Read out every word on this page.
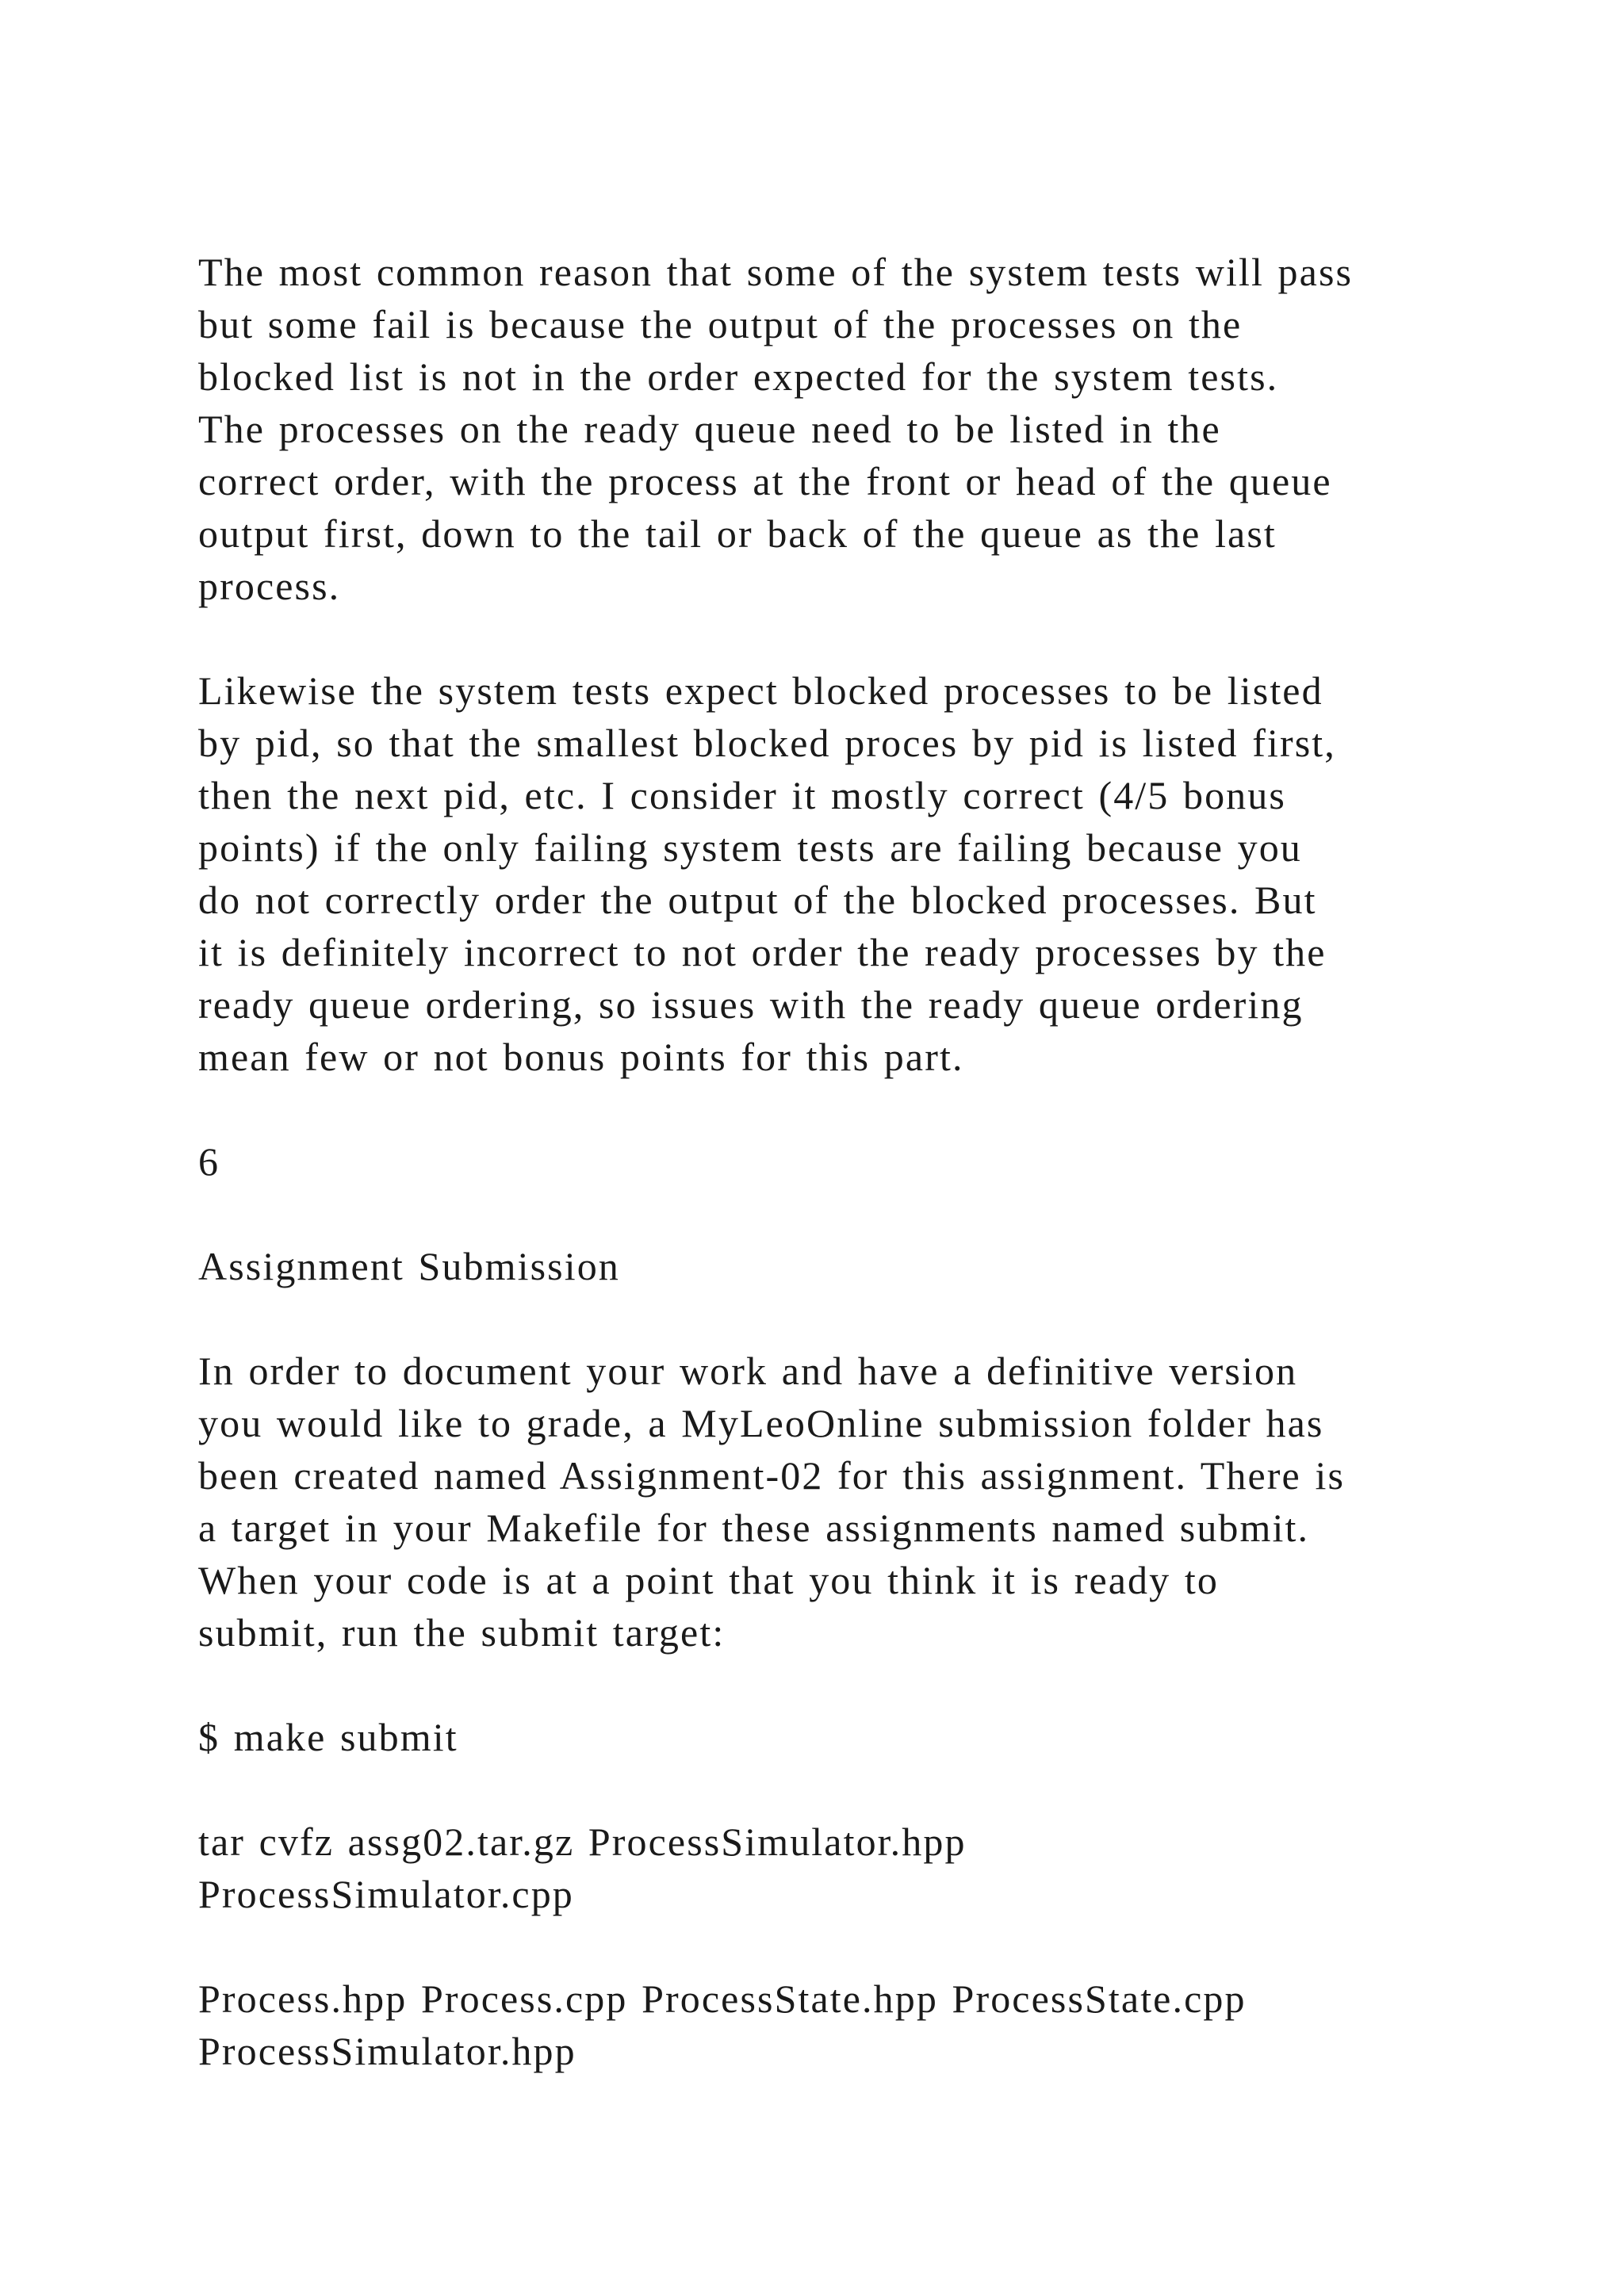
The most common reason that some of the system tests will pass
but some fail is because the output of the processes on the
blocked list is not in the order expected for the system tests.
The processes on the ready queue need to be listed in the
correct order, with the process at the front or head of the queue
output first, down to the tail or back of the queue as the last
process.
Likewise the system tests expect blocked processes to be listed
by pid, so that the smallest blocked proces by pid is listed first,
then the next pid, etc. I consider it mostly correct (4/5 bonus
points) if the only failing system tests are failing because you
do not correctly order the output of the blocked processes. But
it is definitely incorrect to not order the ready processes by the
ready queue ordering, so issues with the ready queue ordering
mean few or not bonus points for this part.
6
Assignment Submission
In order to document your work and have a definitive version
you would like to grade, a MyLeoOnline submission folder has
been created named Assignment-02 for this assignment. There is
a target in your Makefile for these assignments named submit.
When your code is at a point that you think it is ready to
submit, run the submit target:
$ make submit
tar cvfz assg02.tar.gz ProcessSimulator.hpp
ProcessSimulator.cpp
Process.hpp Process.cpp ProcessState.hpp ProcessState.cpp
ProcessSimulator.hpp
